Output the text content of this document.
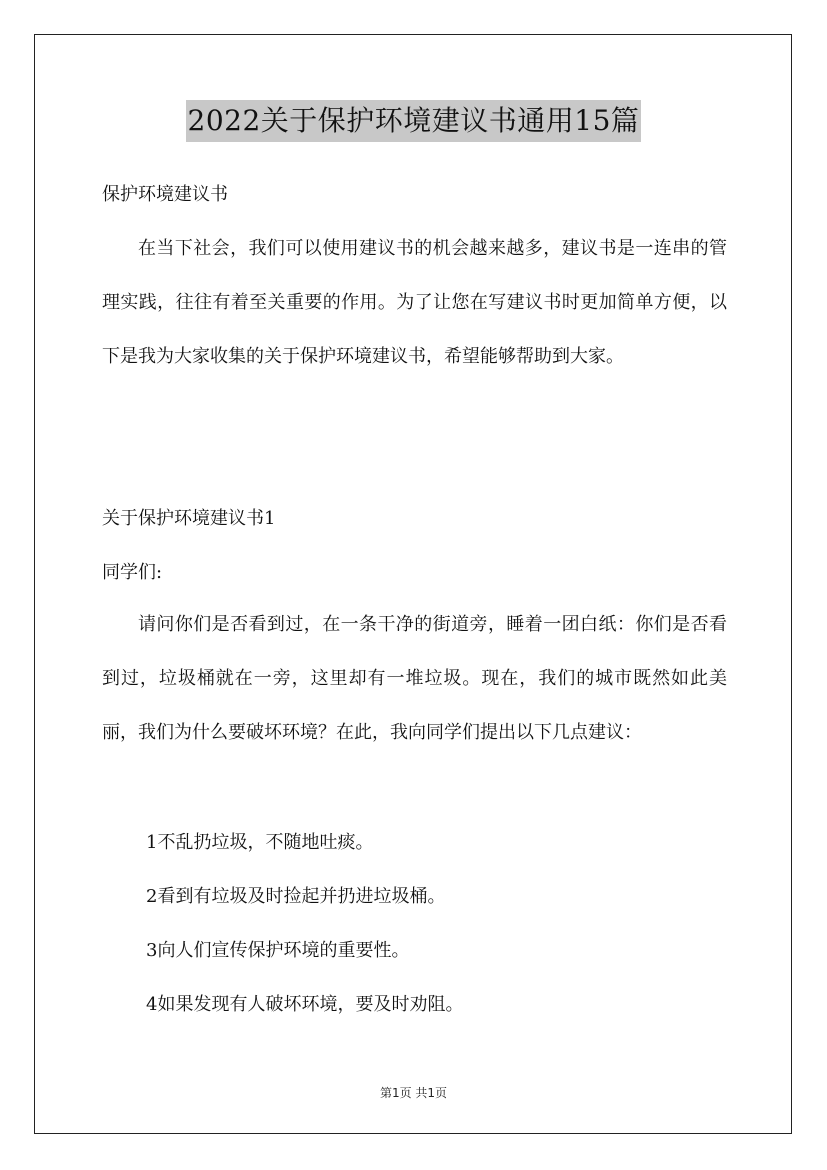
2022关于保护环境建议书通用15篇
保护环境建议书

在当下社会，我们可以使用建议书的机会越来越多，建议书是一连串的管理实践，往往有着至关重要的作用。为了让您在写建议书时更加简单方便，以下是我为大家收集的关于保护环境建议书，希望能够帮助到大家。

关于保护环境建议书1
同学们:

请问你们是否看到过，在一条干净的街道旁，睡着一团白纸：你们是否看到过，垃圾桶就在一旁，这里却有一堆垃圾。现在，我们的城市既然如此美丽，我们为什么要破坏环境？在此，我向同学们提出以下几点建议：

1不乱扔垃圾，不随地吐痰。
2看到有垃圾及时捡起并扔进垃圾桶。
3向人们宣传保护环境的重要性。
4如果发现有人破坏环境，要及时劝阻。
第1页 共1页
